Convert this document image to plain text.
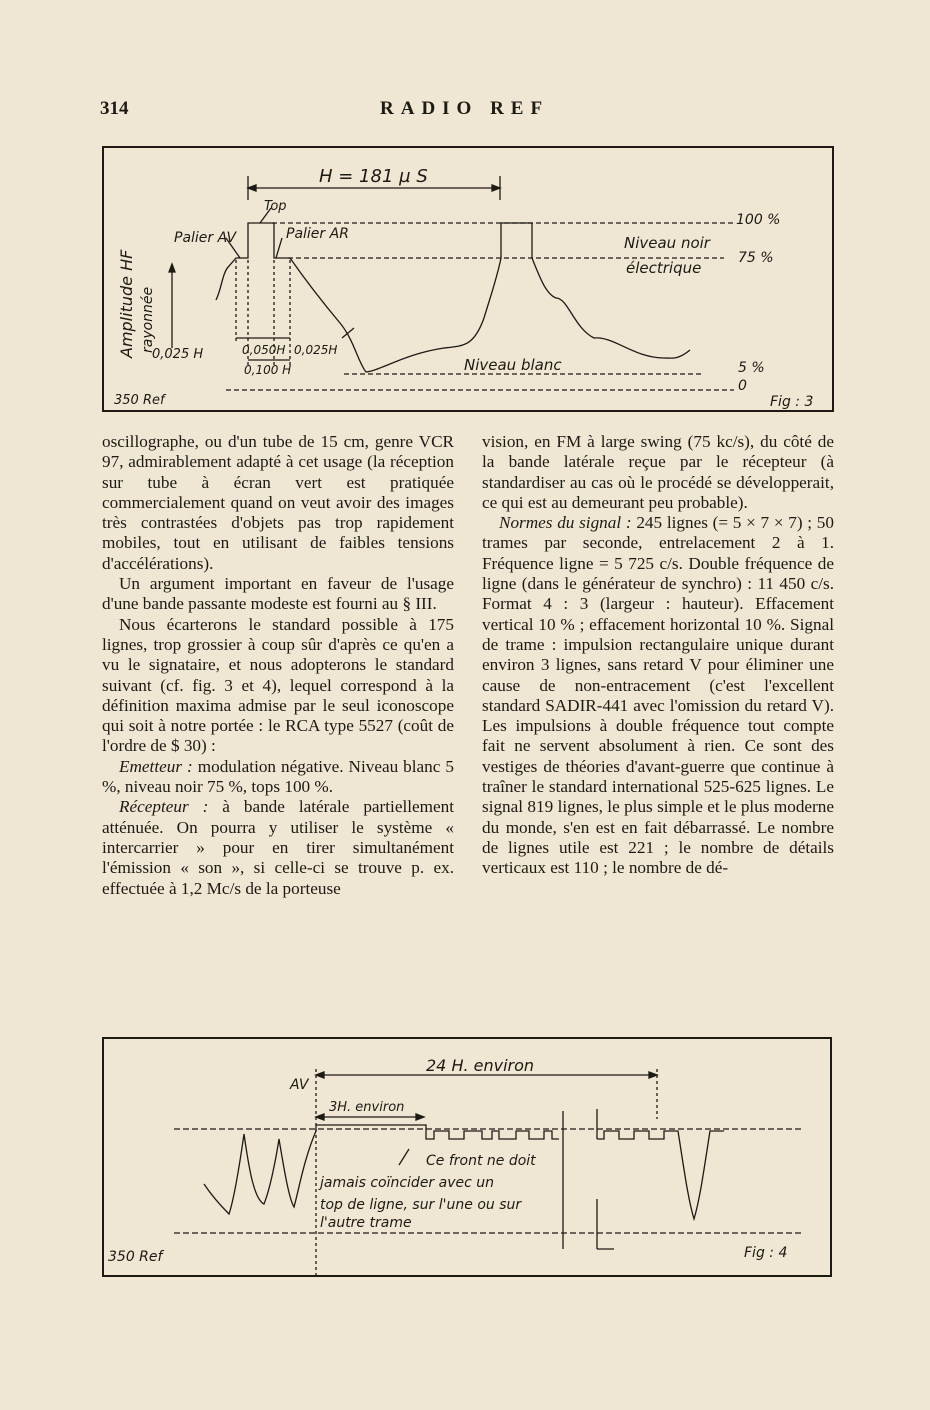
314	RADIO REF
H = 181 µ S
Top
Palier AV	Palier AR	Niveau noir
électrique
Niveau blanc
100 %
75 %
5 %
0
0,025 H	0,050H 0,025H
0,100 H
350 Ref	Fig : 3
Amplitude HF rayonnée

oscillographe, ou d'un tube de 15 cm, genre VCR 97, admirablement adapté à cet usage (la réception sur tube à écran vert est pratiquée commercialement quand on veut avoir des images très contrastées d'objets pas trop rapidement mobiles, tout en utilisant de faibles tensions d'accélérations).

Un argument important en faveur de l'usage d'une bande passante modeste est fourni au § III.

Nous écarterons le standard possible à 175 lignes, trop grossier à coup sûr d'après ce qu'en a vu le signataire, et nous adopterons le standard suivant (cf. fig. 3 et 4), lequel correspond à la définition maxima admise par le seul iconoscope qui soit à notre portée : le RCA type 5527 (coût de l'ordre de $ 30) :

Emetteur : modulation négative. Niveau blanc 5 %, niveau noir 75 %, tops 100 %.

Récepteur : à bande latérale partiellement atténuée. On pourra y utiliser le système « intercarrier » pour en tirer simultanément l'émission « son », si celle-ci se trouve p. ex. effectuée à 1,2 Mc/s de la porteuse

vision, en FM à large swing (75 kc/s), du côté de la bande latérale reçue par le récepteur (à standardiser au cas où le procédé se développerait, ce qui est au demeurant peu probable).

Normes du signal : 245 lignes (= 5 × 7 × 7) ; 50 trames par seconde, entrelacement 2 à 1. Fréquence ligne = 5 725 c/s. Double fréquence de ligne (dans le générateur de synchro) : 11 450 c/s. Format 4 : 3 (largeur : hauteur). Effacement vertical 10 % ; effacement horizontal 10 %. Signal de trame : impulsion rectangulaire unique durant environ 3 lignes, sans retard V pour éliminer une cause de non-entracement (c'est l'excellent standard SADIR-441 avec l'omission du retard V). Les impulsions à double fréquence tout compte fait ne servent absolument à rien. Ce sont des vestiges de théories d'avant-guerre que continue à traîner le standard international 525-625 lignes. Le signal 819 lignes, le plus simple et le plus moderne du monde, s'en est en fait débarrassé. Le nombre de lignes utile est 221 ; le nombre de détails verticaux est 110 ; le nombre de dé-

24 H. environ
AV
3H. environ
Ce front ne doit
jamais coïncider avec un
top de ligne, sur l'une ou sur
l'autre trame
350 Ref	Fig : 4
